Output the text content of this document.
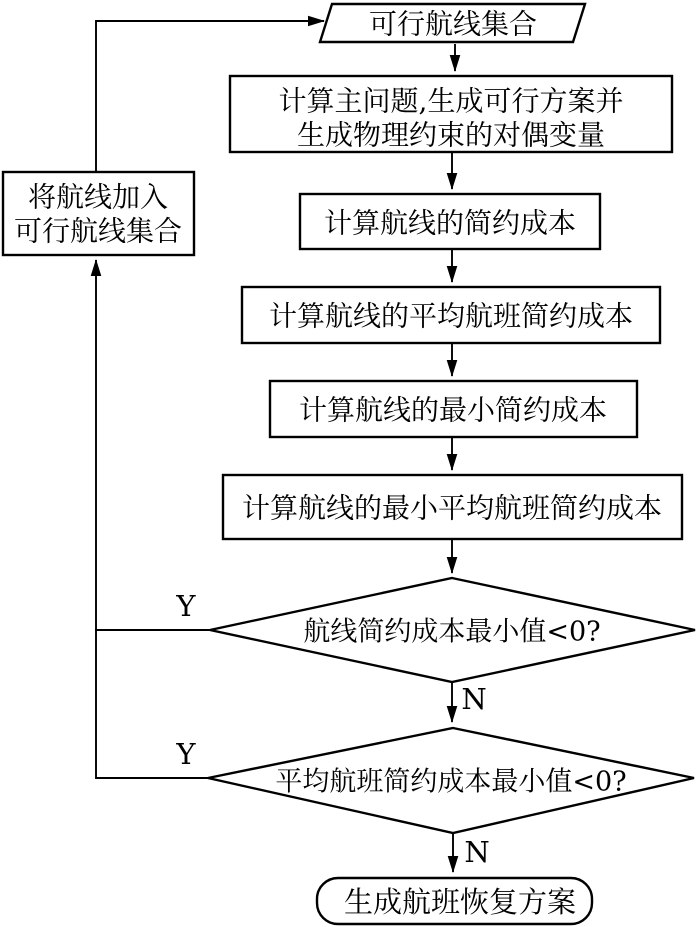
可行航线集合
计算主问题,生成可行方案并
生成物理约束的对偶变量
计算航线的简约成本
计算航线的平均航班简约成本
计算航线的最小简约成本
计算航线的最小平均航班简约成本
航线简约成本最小值<0?
平均航班简约成本最小值<0?
生成航班恢复方案
将航线加入
可行航线集合
Y
N
Y
N
